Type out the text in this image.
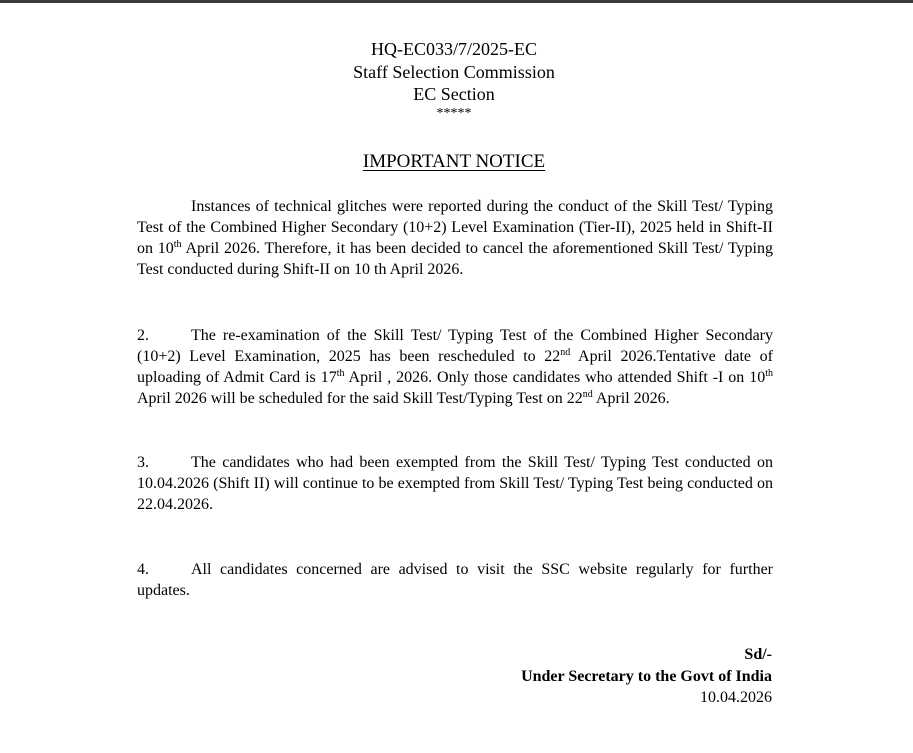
HQ-EC033/7/2025-EC
Staff Selection Commission
EC Section
*****
IMPORTANT NOTICE
Instances of technical glitches were reported during the conduct of the Skill Test/ Typing Test of the Combined Higher Secondary (10+2) Level Examination (Tier-II), 2025 held in Shift-II on 10th April 2026. Therefore, it has been decided to cancel the aforementioned Skill Test/ Typing Test conducted during Shift-II on 10 th April 2026.
2.	The re-examination of the Skill Test/ Typing Test of the Combined Higher Secondary (10+2) Level Examination, 2025 has been rescheduled to 22nd April 2026.Tentative date of uploading of Admit Card is 17th April , 2026. Only those candidates who attended Shift -I on 10th April 2026 will be scheduled for the said Skill Test/Typing Test on 22nd April 2026.
3.	The candidates who had been exempted from the Skill Test/ Typing Test conducted on 10.04.2026 (Shift II) will continue to be exempted from Skill Test/ Typing Test being conducted on 22.04.2026.
4.	All candidates concerned are advised to visit the SSC website regularly for further updates.
Sd/-
Under Secretary to the Govt of India
10.04.2026
